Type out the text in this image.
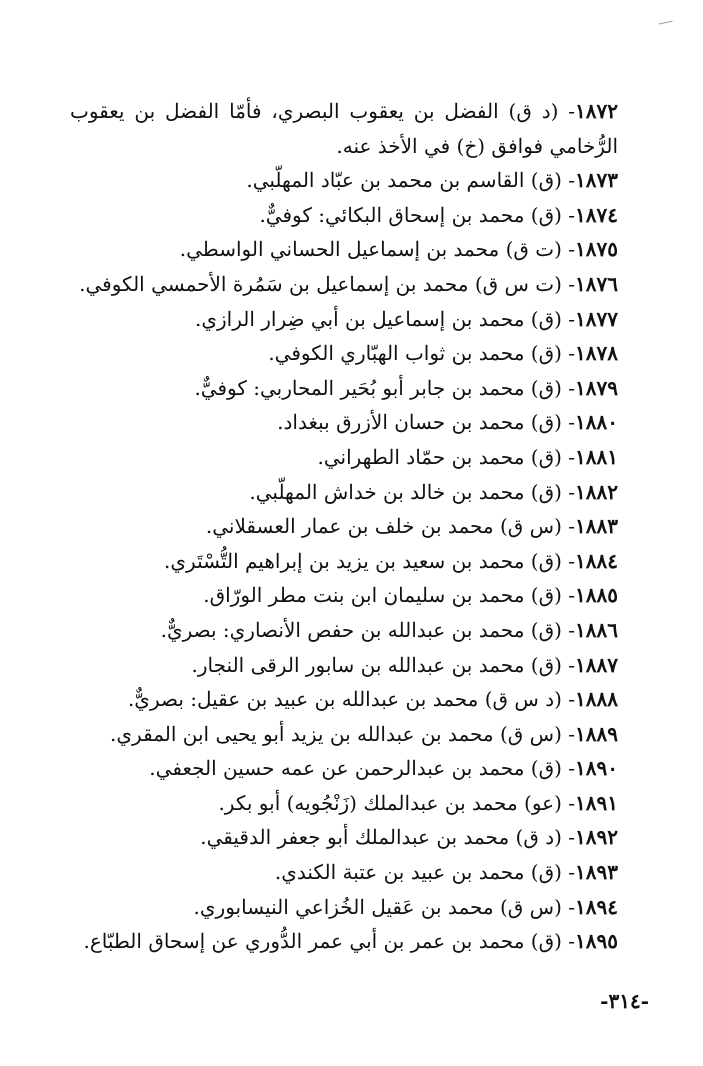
١٨٧٢- (د ق) الفضل بن يعقوب البصري، فأمّا الفضل بن يعقوب الرُّخامي فوافق (خ) في الأخذ عنه.
١٨٧٣- (ق) القاسم بن محمد بن عبّاد المهلّبي.
١٨٧٤- (ق) محمد بن إسحاق البكائي: كوفيٌّ.
١٨٧٥- (ت ق) محمد بن إسماعيل الحساني الواسطي.
١٨٧٦- (ت س ق) محمد بن إسماعيل بن سَمُرة الأحمسي الكوفي.
١٨٧٧- (ق) محمد بن إسماعيل بن أبي ضِرار الرازي.
١٨٧٨- (ق) محمد بن ثواب الهبّاري الكوفي.
١٨٧٩- (ق) محمد بن جابر أبو بُحَير المحاربي: كوفيٌّ.
١٨٨٠- (ق) محمد بن حسان الأزرق ببغداد.
١٨٨١- (ق) محمد بن حمّاد الطهراني.
١٨٨٢- (ق) محمد بن خالد بن خداش المهلّبي.
١٨٨٣- (س ق) محمد بن خلف بن عمار العسقلاني.
١٨٨٤- (ق) محمد بن سعيد بن يزيد بن إبراهيم التُّسْتَري.
١٨٨٥- (ق) محمد بن سليمان ابن بنت مطر الورّاق.
١٨٨٦- (ق) محمد بن عبدالله بن حفص الأنصاري: بصريٌّ.
١٨٨٧- (ق) محمد بن عبدالله بن سابور الرقى النجار.
١٨٨٨- (د س ق) محمد بن عبدالله بن عبيد بن عقيل: بصريٌّ.
١٨٨٩- (س ق) محمد بن عبدالله بن يزيد أبو يحيى ابن المقري.
١٨٩٠- (ق) محمد بن عبدالرحمن عن عمه حسين الجعفي.
١٨٩١- (عو) محمد بن عبدالملك (زَنْجُويه) أبو بكر.
١٨٩٢- (د ق) محمد بن عبدالملك أبو جعفر الدقيقي.
١٨٩٣- (ق) محمد بن عبيد بن عتبة الكندي.
١٨٩٤- (س ق) محمد بن عَقيل الخُزاعي النيسابوري.
١٨٩٥- (ق) محمد بن عمر بن أبي عمر الدُّوري عن إسحاق الطبّاع.
-٣١٤-
